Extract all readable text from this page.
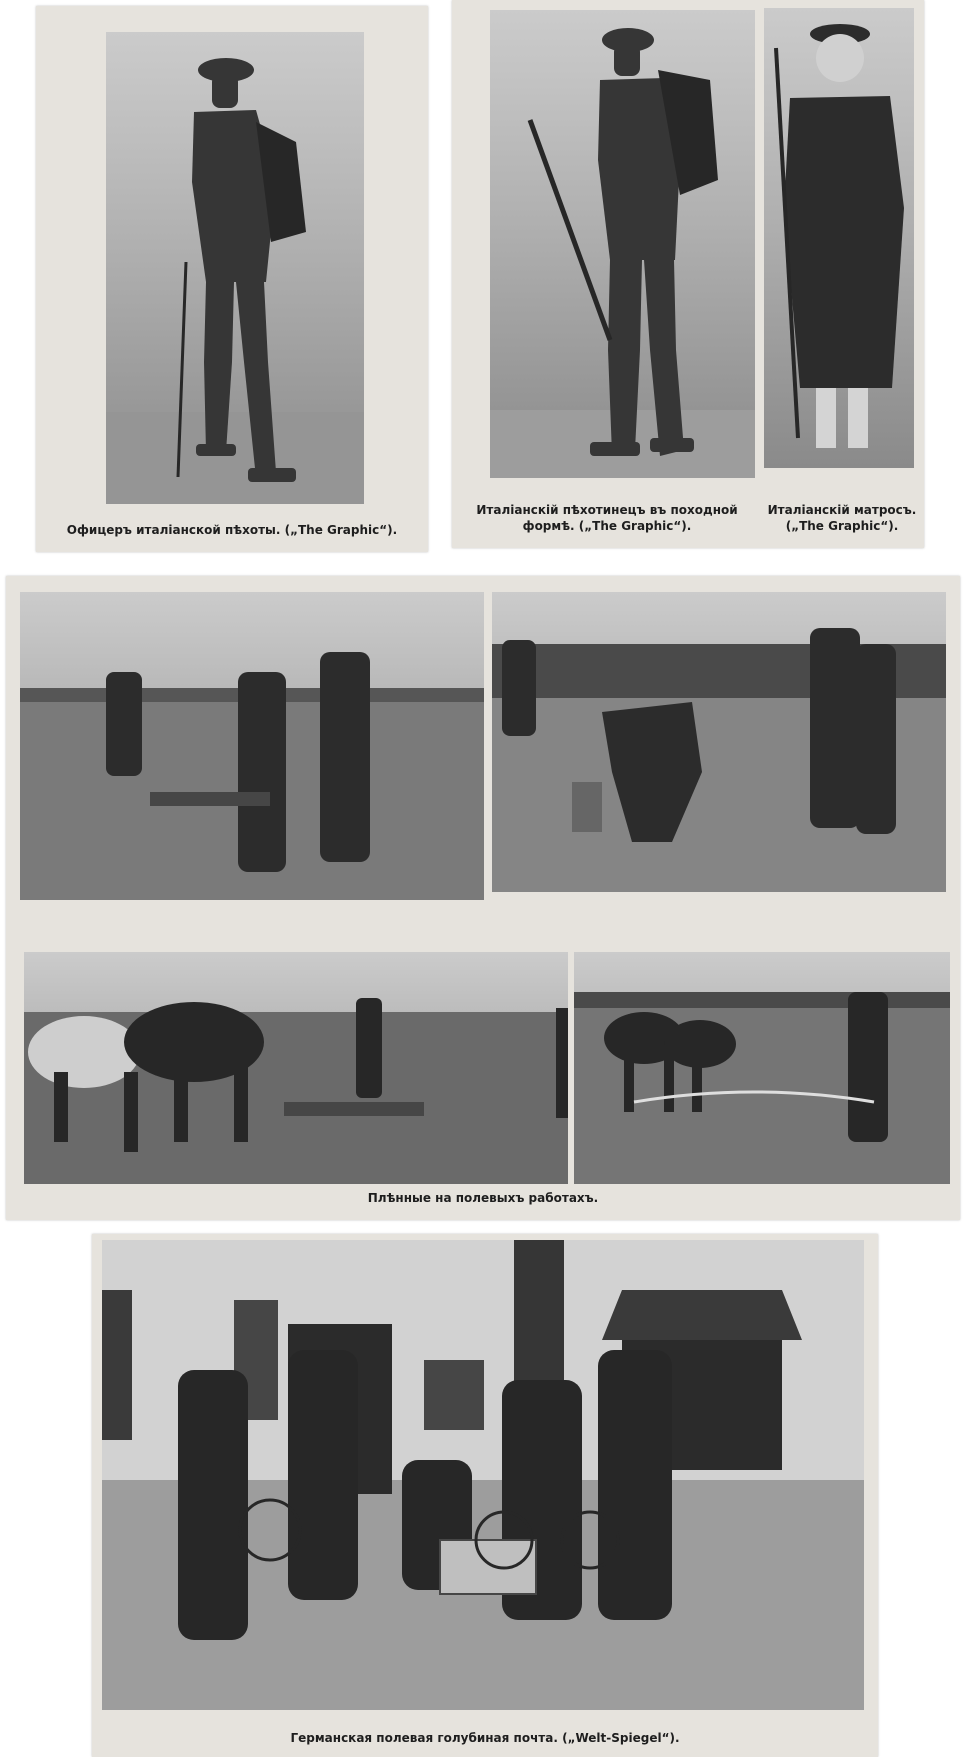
Офицеръ италіанской пѣхоты. („The Graphic“).
Италіанскій пѣхотинецъ въ походной
формѣ. („The Graphic“).
Италіанскій матросъ.
(„The Graphic“).
Плѣнные на полевыхъ работахъ.
Германская полевая голубиная почта. („Welt-Spiegel“).
